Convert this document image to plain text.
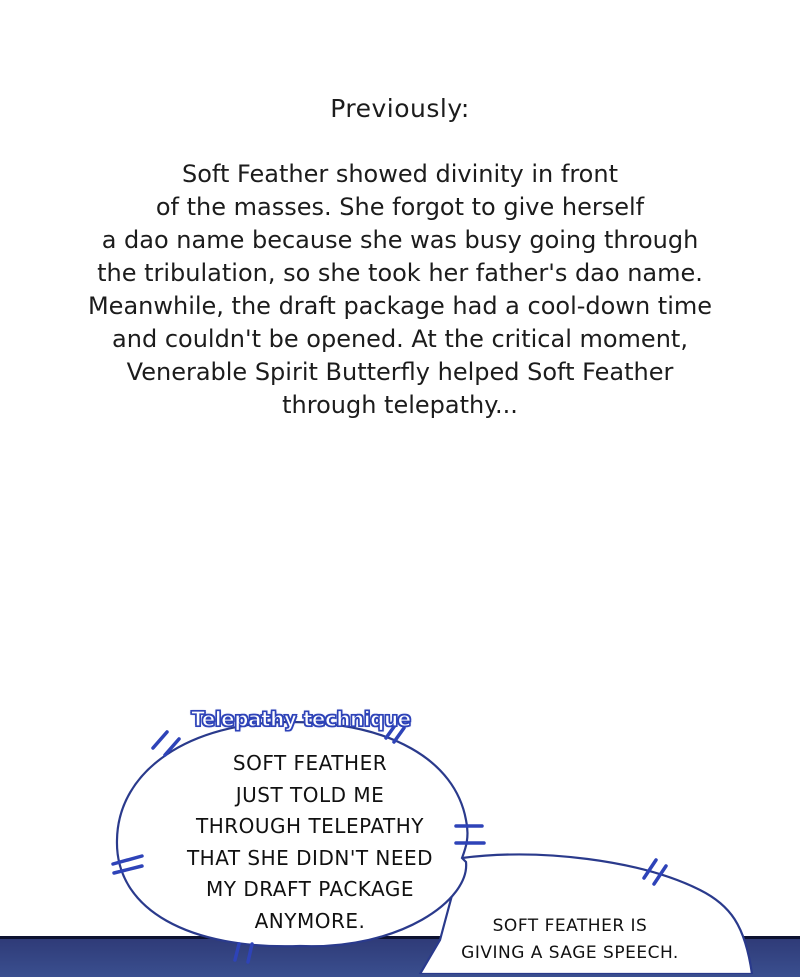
Previously:
Soft Feather showed divinity in front
of the masses. She forgot to give herself
a dao name because she was busy going through
the tribulation, so she took her father's dao name.
Meanwhile, the draft package had a cool-down time
and couldn't be opened. At the critical moment,
Venerable Spirit Butterfly helped Soft Feather
through telepathy...
Telepathy technique
SOFT FEATHER
JUST TOLD ME
THROUGH TELEPATHY
THAT SHE DIDN'T NEED
MY DRAFT PACKAGE
ANYMORE.	SOFT FEATHER IS
GIVING A SAGE SPEECH.
